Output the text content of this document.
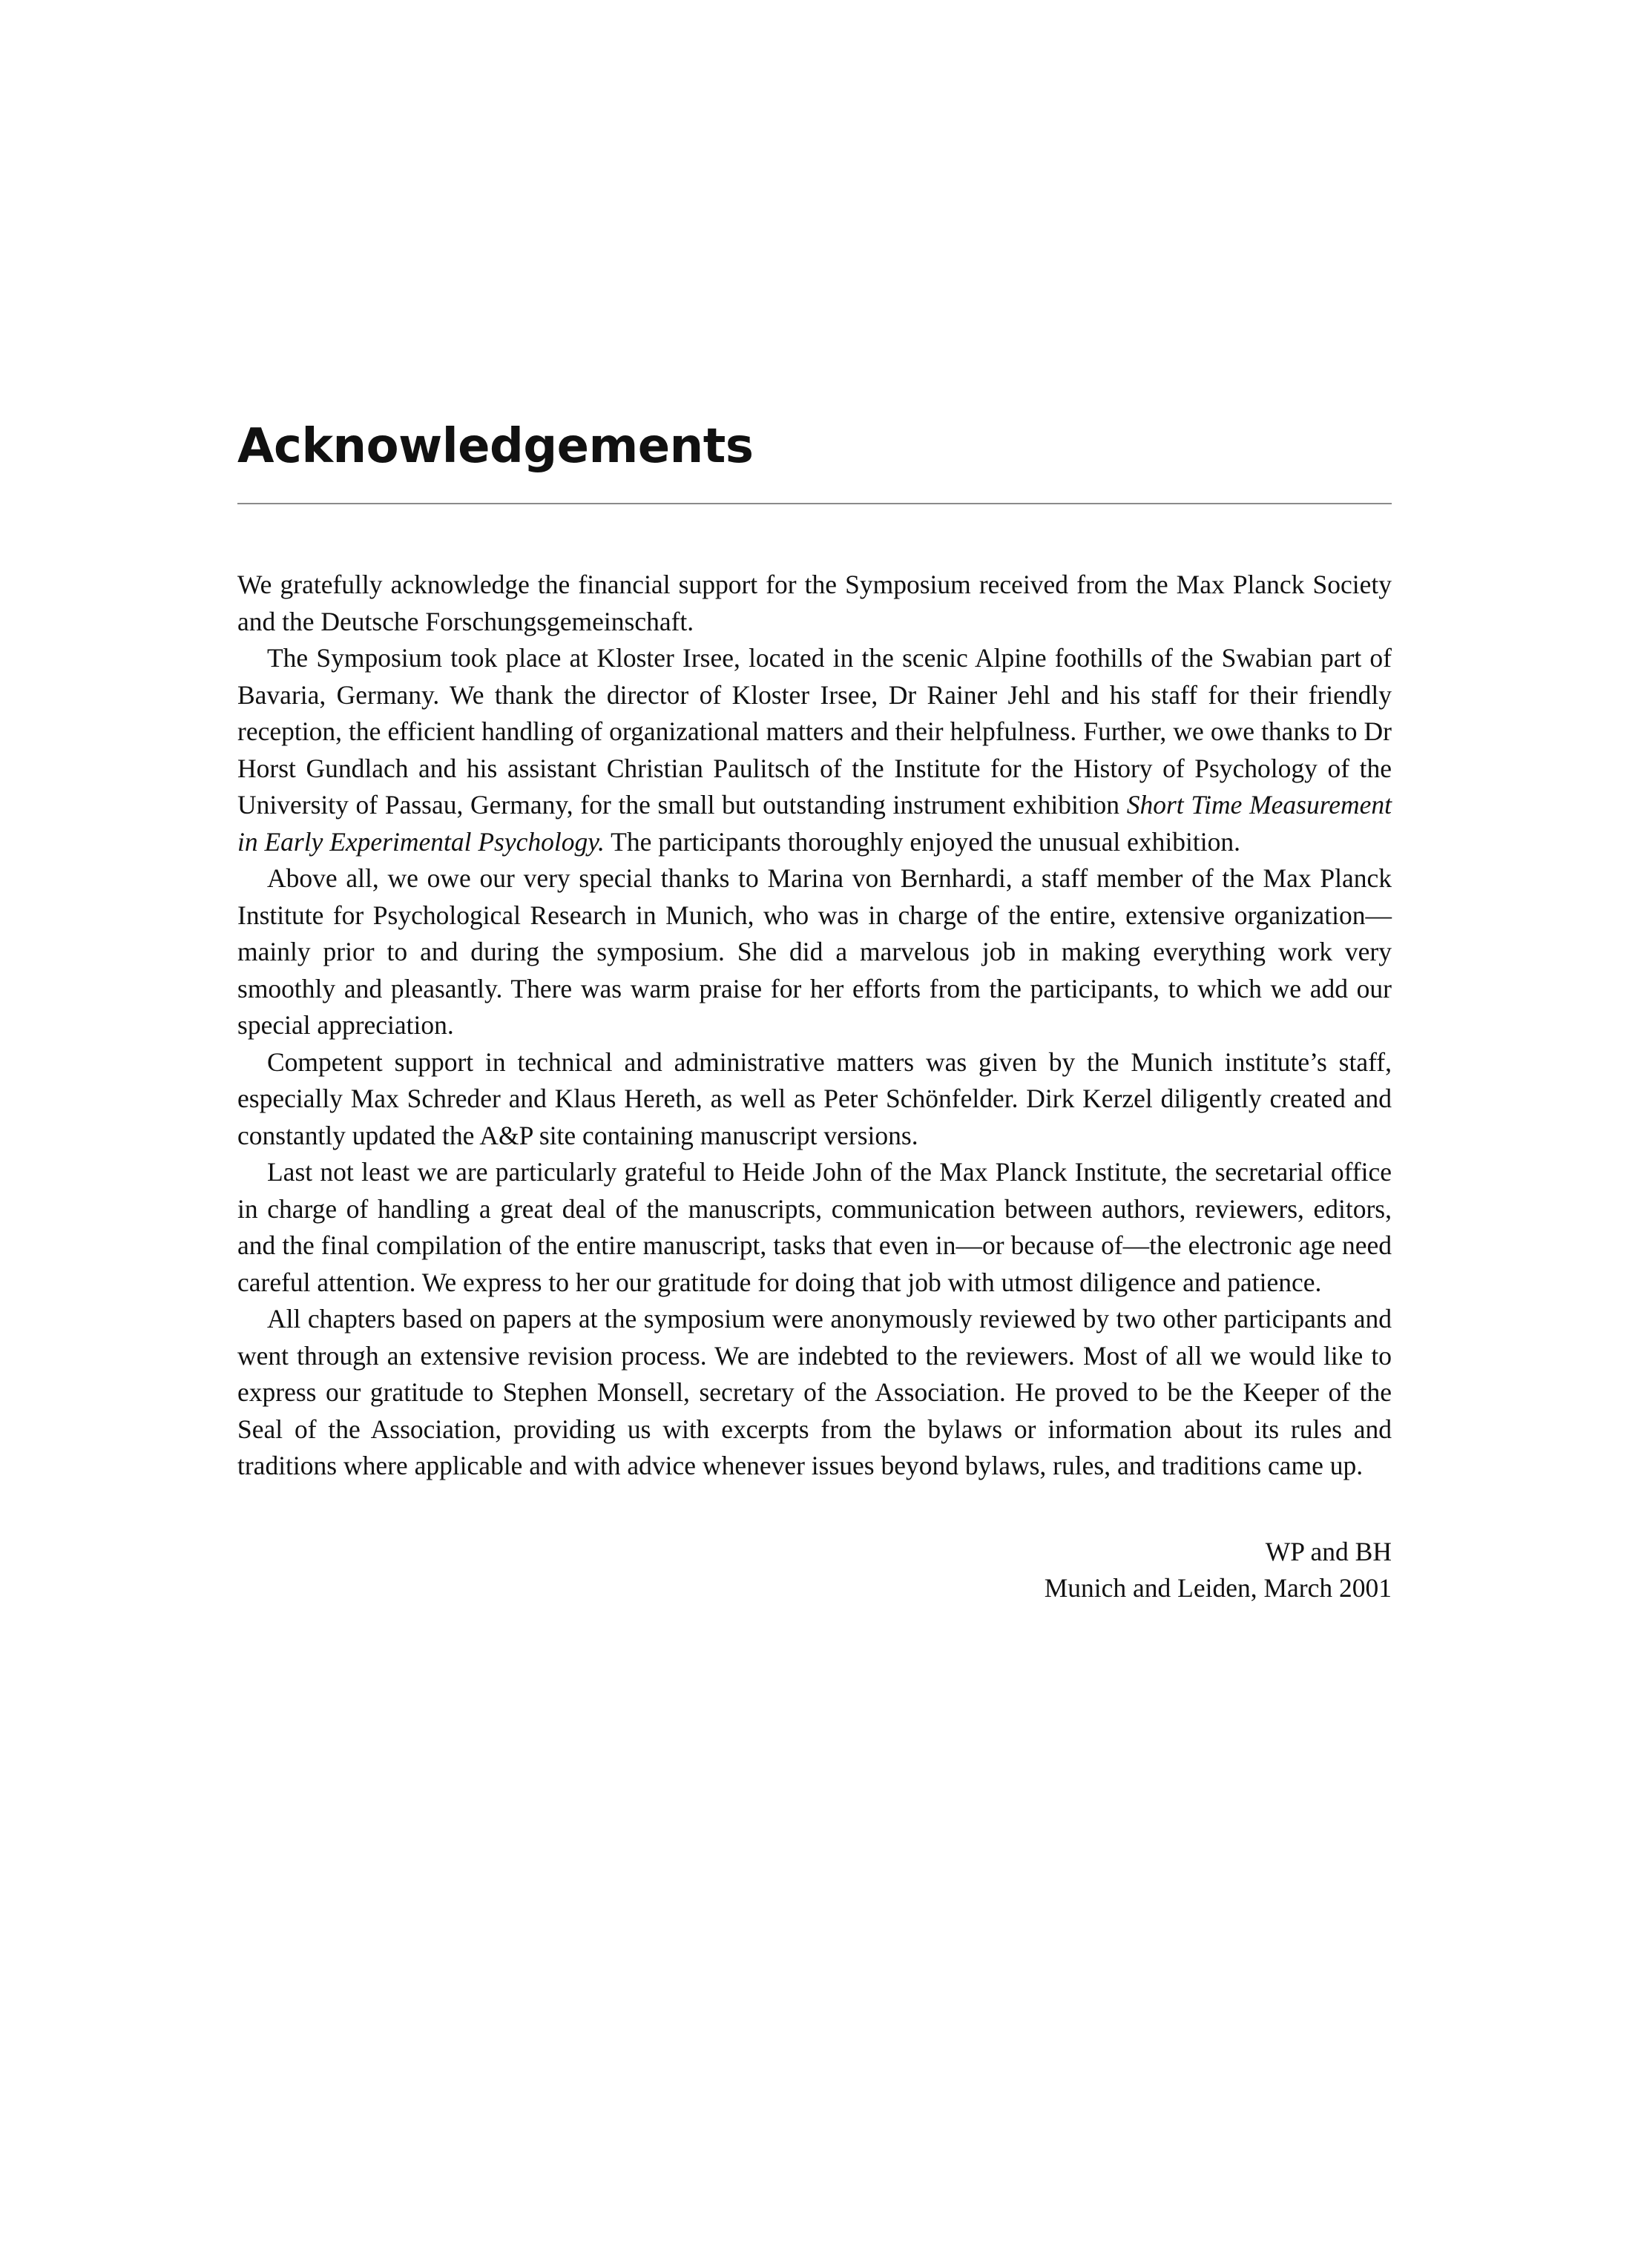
Acknowledgements

We gratefully acknowledge the financial support for the Symposium received from the Max Planck Society and the Deutsche Forschungsgemeinschaft.

The Symposium took place at Kloster Irsee, located in the scenic Alpine foothills of the Swabian part of Bavaria, Germany. We thank the director of Kloster Irsee, Dr Rainer Jehl and his staff for their friendly reception, the efficient handling of organizational matters and their helpfulness. Further, we owe thanks to Dr Horst Gundlach and his assistant Christian Paulitsch of the Institute for the History of Psychology of the University of Passau, Germany, for the small but outstanding instrument exhibition Short Time Measurement in Early Experimental Psychology. The participants thoroughly enjoyed the unusual exhibition.

Above all, we owe our very special thanks to Marina von Bernhardi, a staff member of the Max Planck Institute for Psychological Research in Munich, who was in charge of the entire, extensive organization—mainly prior to and during the symposium. She did a marvelous job in making everything work very smoothly and pleasantly. There was warm praise for her efforts from the participants, to which we add our special appreciation.

Competent support in technical and administrative matters was given by the Munich institute’s staff, especially Max Schreder and Klaus Hereth, as well as Peter Schönfelder. Dirk Kerzel diligently created and constantly updated the A&P site containing manuscript versions.

Last not least we are particularly grateful to Heide John of the Max Planck Institute, the secretarial office in charge of handling a great deal of the manuscripts, communication between authors, reviewers, editors, and the final compilation of the entire manuscript, tasks that even in—or because of—the electronic age need careful attention. We express to her our gratitude for doing that job with utmost diligence and patience.

All chapters based on papers at the symposium were anonymously reviewed by two other participants and went through an extensive revision process. We are indebted to the reviewers. Most of all we would like to express our gratitude to Stephen Monsell, secretary of the Association. He proved to be the Keeper of the Seal of the Association, providing us with excerpts from the bylaws or information about its rules and traditions where applicable and with advice whenever issues beyond bylaws, rules, and traditions came up.

WP and BH
Munich and Leiden, March 2001
